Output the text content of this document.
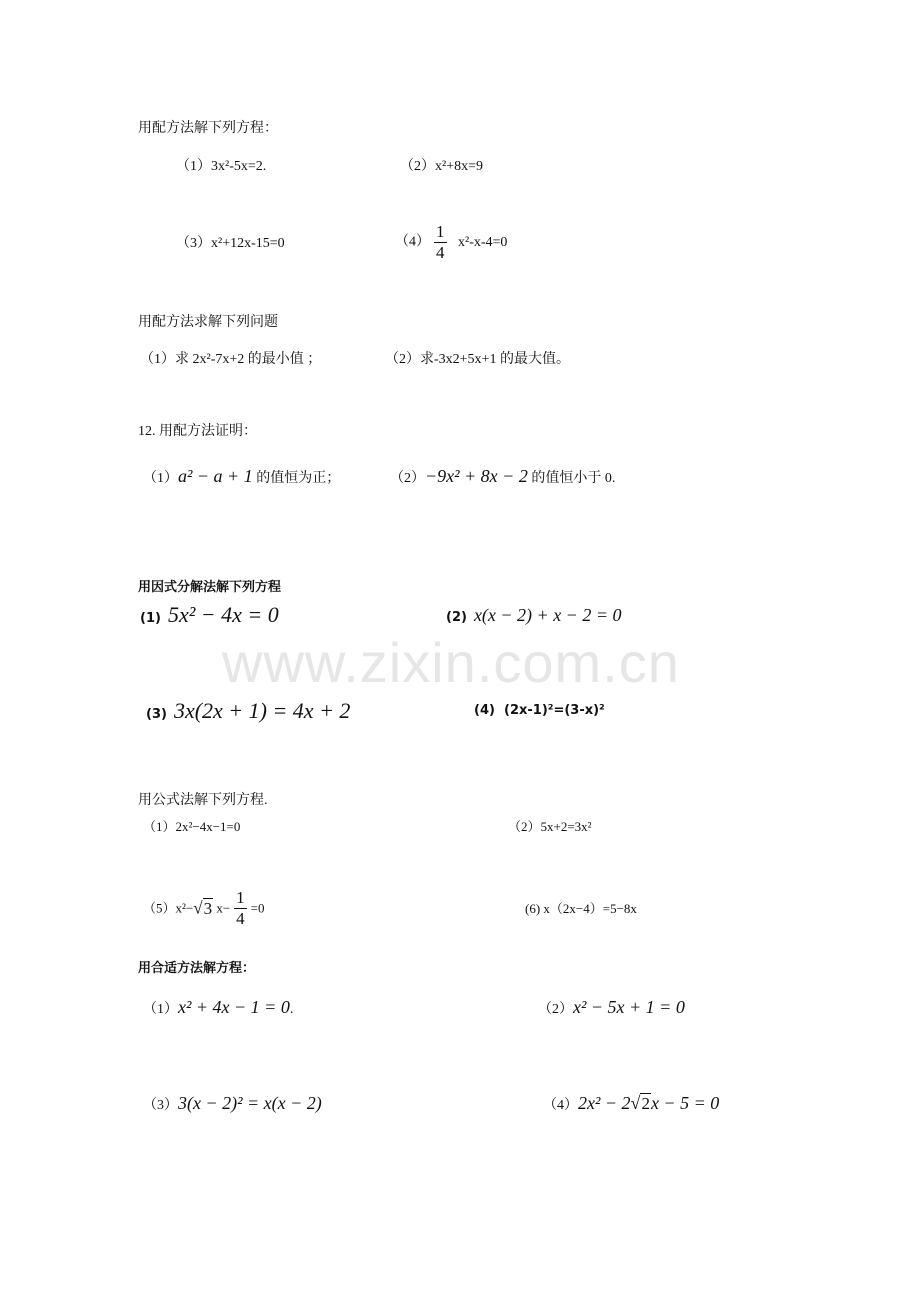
www.zixin.com.cn
用配方法解下列方程：
（1）3x²-5x=2.	（2）x²+8x=9
（3）x²+12x-15=0	$(4) \frac{1}{4} x^2-x-4=0$
用配方法求解下列问题
（1）求 2x²-7x+2 的最小值 ；	（2）求-3x2+5x+1 的最大值。
12. 用配方法证明：
（1）a² − a + 1 的值恒为正；	（2）−9x² + 8x − 2 的值恒小于 0.
用因式分解法解下列方程
(1) 5x² − 4x = 0	(2) x(x − 2) + x − 2 = 0
(3) 3x(2x + 1) = 4x + 2	(4) (2x-1)²=(3-x)²
用公式法解下列方程.
（1）2x²−4x−1=0	（2）5x+2=3x²
（5）x²−√3 $x- \frac{1}{4} =0$	(6) x（2x−4）=5−8x
用合适方法解方程：
（1）x² + 4x − 1 = 0.	（2）x² − 5x + 1 = 0
（3）3(x − 2)² = x(x − 2)	（4）2x² − 2√2x − 5 = 0
